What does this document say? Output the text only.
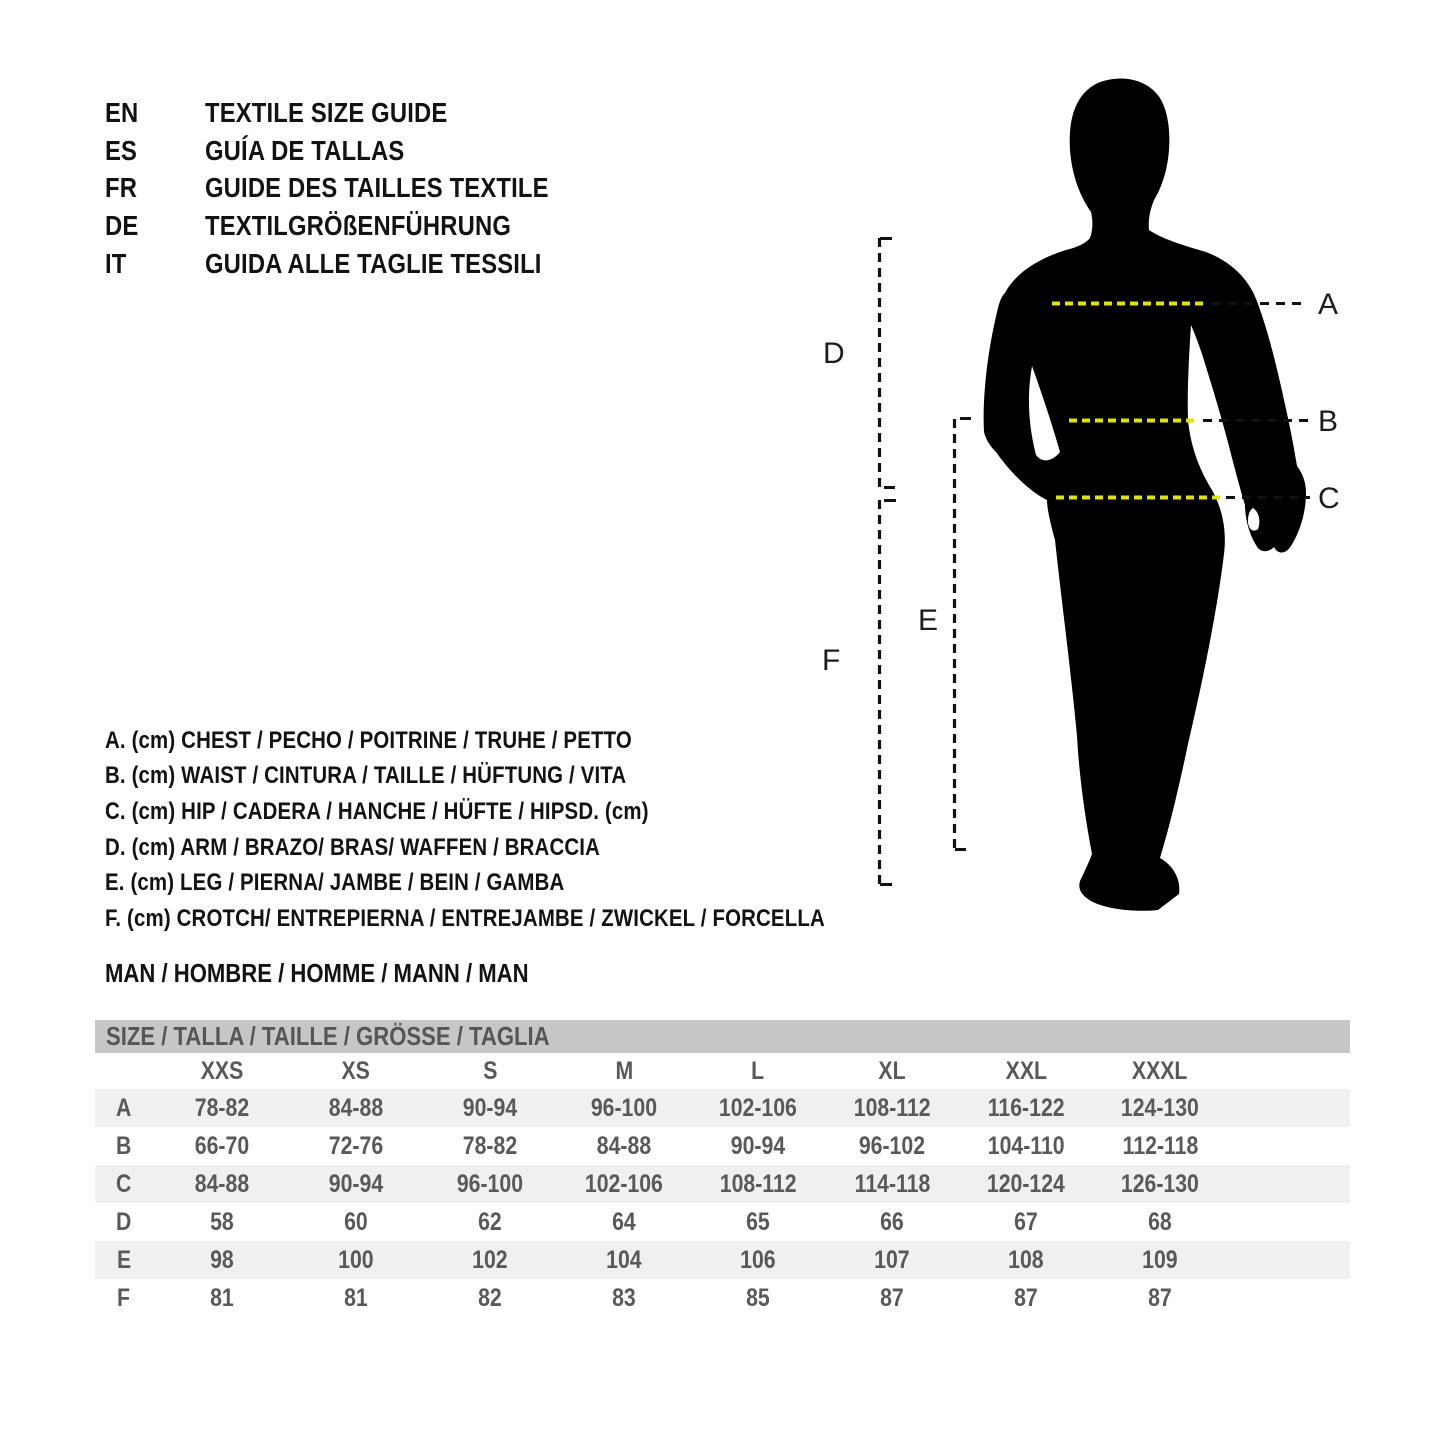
EN	TEXTILE SIZE GUIDE
ES	GUÍA DE TALLAS
FR	GUIDE DES TAILLES TEXTILE
DE	TEXTILGRÖßENFÜHRUNG
IT	GUIDA ALLE TAGLIE TESSILI
A
B
C
D
E
F
A. (cm) CHEST / PECHO / POITRINE / TRUHE / PETTO
B. (cm) WAIST / CINTURA / TAILLE / HÜFTUNG / VITA
C. (cm) HIP / CADERA / HANCHE / HÜFTE / HIPSD. (cm)
D. (cm) ARM / BRAZO/ BRAS/ WAFFEN / BRACCIA
E. (cm) LEG / PIERNA/ JAMBE / BEIN / GAMBA
F. (cm) CROTCH/ ENTREPIERNA / ENTREJAMBE / ZWICKEL / FORCELLA
MAN / HOMBRE / HOMME / MANN / MAN
SIZE / TALLA / TAILLE / GRÖSSE / TAGLIA
	XXS	XS	S	M	L	XL	XXL	XXXL	
A	78-82	84-88	90-94	96-100	102-106	108-112	116-122	124-130	
B	66-70	72-76	78-82	84-88	90-94	96-102	104-110	112-118	
C	84-88	90-94	96-100	102-106	108-112	114-118	120-124	126-130	
D	58	60	62	64	65	66	67	68	
E	98	100	102	104	106	107	108	109	
F	81	81	82	83	85	87	87	87	
